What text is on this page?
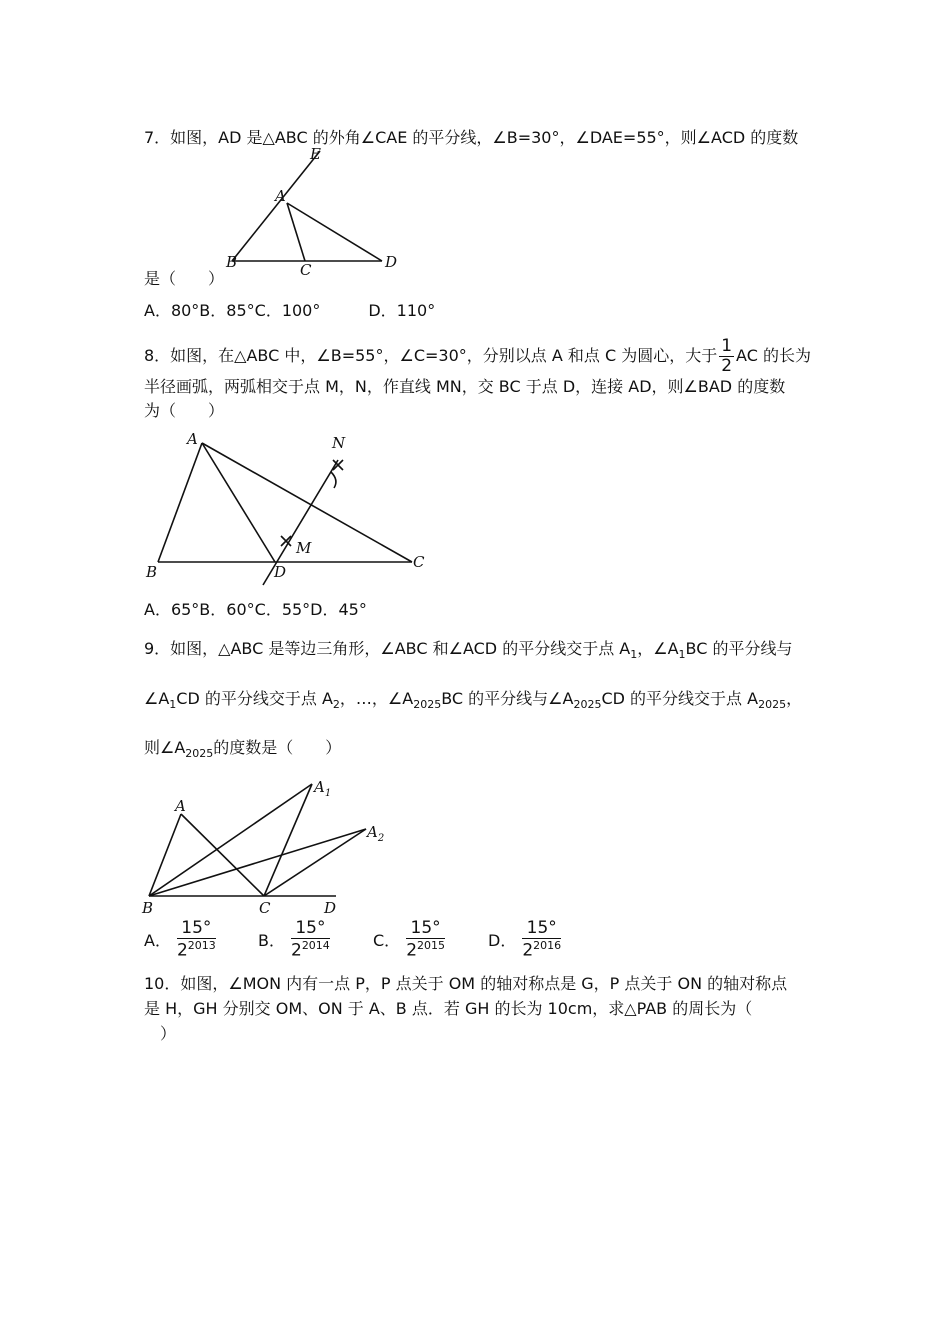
7．如图，AD 是△ABC 的外角∠CAE 的平分线，∠B=30°，∠DAE=55°，则∠ACD 的度数
E
A
B	C	D
是（　　）
A．80°B．85°C．100°　　　D．110°
8．如图，在△ABC 中，∠B=55°，∠C=30°，分别以点 A 和点 C 为圆心，大于 $\frac{1}{2}$ AC 的长为
半径画弧，两弧相交于点 M，N，作直线 MN，交 BC 于点 D，连接 AD，则∠BAD 的度数
为（　　）
A	N
M
B	D
C
A．65°B．60°C．55°D．45°
9．如图，△ABC 是等边三角形，∠ABC 和∠ACD 的平分线交于点 $A_1$，$\angle A_1BC$ 的平分线与
$\angle A_1CD$ 的平分线交于点 $A_2$，…，$\angle A_{2025}BC$ 的平分线与$\angle A_{2025}CD$ 的平分线交于点 $A_{2025}$，
则$\angle A_{2025}$的度数是（　　）
A
$A_1$
$A_2$
B	C	D
A． $\frac{15^\circ}{2^{2013}}$	B． $\frac{15^\circ}{2^{2014}}$	C． $\frac{15^\circ}{2^{2015}}$	D． $\frac{15^\circ}{2^{2016}}$
10．如图，∠MON 内有一点 P，P 点关于 OM 的轴对称点是 G，P 点关于 ON 的轴对称点
是 H，GH 分别交 OM、ON 于 A、B 点．若 GH 的长为 10cm，求△PAB 的周长为（
）
